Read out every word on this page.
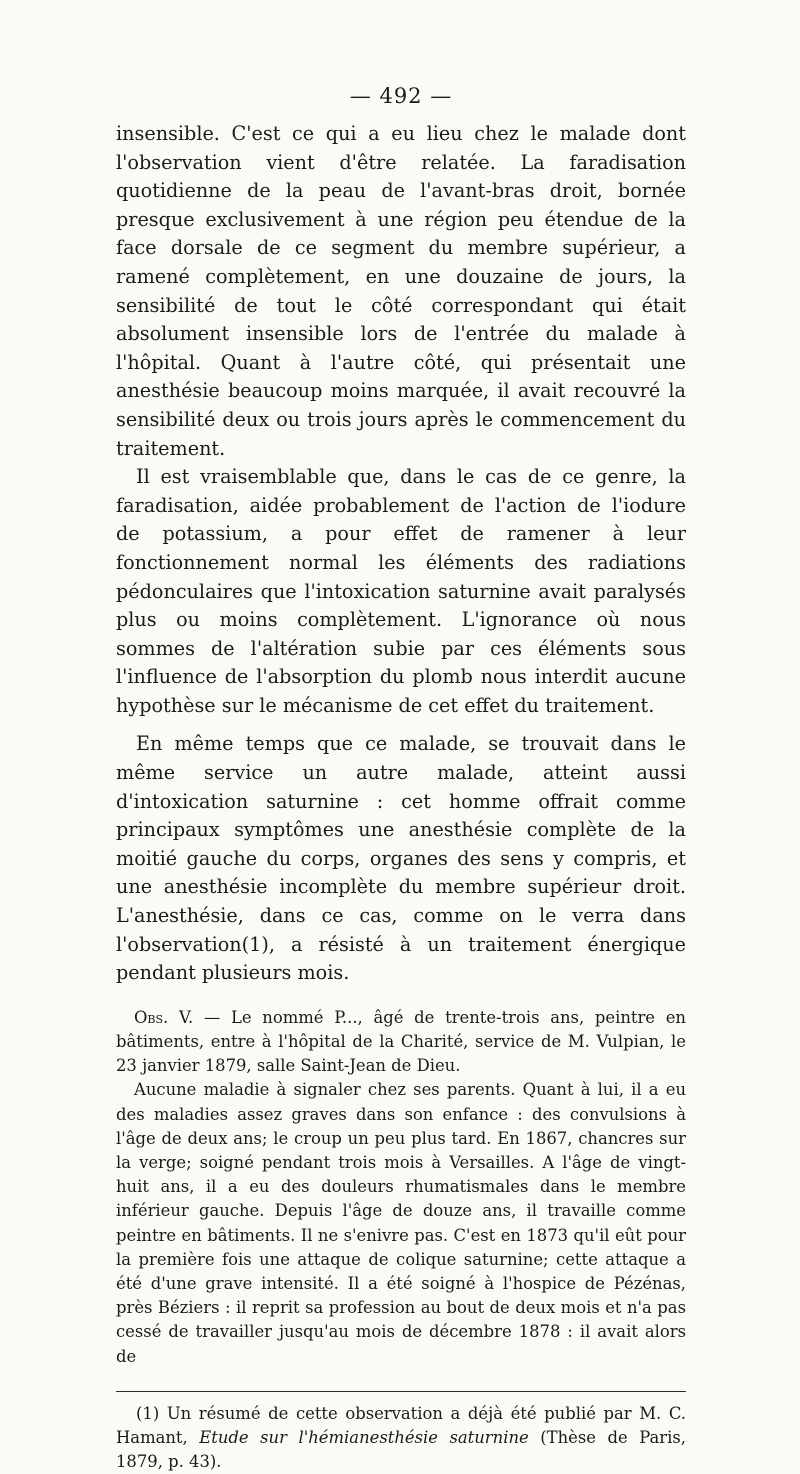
— 492 —

insensible. C'est ce qui a eu lieu chez le malade dont l'observation vient d'être relatée. La faradisation quotidienne de la peau de l'avant-bras droit, bornée presque exclusivement à une région peu étendue de la face dorsale de ce segment du membre supérieur, a ramené complètement, en une douzaine de jours, la sensibilité de tout le côté correspondant qui était absolument insensible lors de l'entrée du malade à l'hôpital. Quant à l'autre côté, qui présentait une anesthésie beaucoup moins marquée, il avait recouvré la sensibilité deux ou trois jours après le commencement du traitement.

Il est vraisemblable que, dans le cas de ce genre, la faradisation, aidée probablement de l'action de l'iodure de potassium, a pour effet de ramener à leur fonctionnement normal les éléments des radiations pédonculaires que l'intoxication saturnine avait paralysés plus ou moins complètement. L'ignorance où nous sommes de l'altération subie par ces éléments sous l'influence de l'absorption du plomb nous interdit aucune hypothèse sur le mécanisme de cet effet du traitement.

En même temps que ce malade, se trouvait dans le même service un autre malade, atteint aussi d'intoxication saturnine : cet homme offrait comme principaux symptômes une anesthésie complète de la moitié gauche du corps, organes des sens y compris, et une anesthésie incomplète du membre supérieur droit. L'anesthésie, dans ce cas, comme on le verra dans l'observation(1), a résisté à un traitement énergique pendant plusieurs mois.

Obs. V. — Le nommé P..., âgé de trente-trois ans, peintre en bâtiments, entre à l'hôpital de la Charité, service de M. Vulpian, le 23 janvier 1879, salle Saint-Jean de Dieu.

Aucune maladie à signaler chez ses parents. Quant à lui, il a eu des maladies assez graves dans son enfance : des convulsions à l'âge de deux ans; le croup un peu plus tard. En 1867, chancres sur la verge; soigné pendant trois mois à Versailles. A l'âge de vingt-huit ans, il a eu des douleurs rhumatismales dans le membre inférieur gauche. Depuis l'âge de douze ans, il travaille comme peintre en bâtiments. Il ne s'enivre pas. C'est en 1873 qu'il eût pour la première fois une attaque de colique saturnine; cette attaque a été d'une grave intensité. Il a été soigné à l'hospice de Pézénas, près Béziers : il reprit sa profession au bout de deux mois et n'a pas cessé de travailler jusqu'au mois de décembre 1878 : il avait alors de

(1) Un résumé de cette observation a déjà été publié par M. C. Hamant, Etude sur l'hémianesthésie saturnine (Thèse de Paris, 1879, p. 43).
